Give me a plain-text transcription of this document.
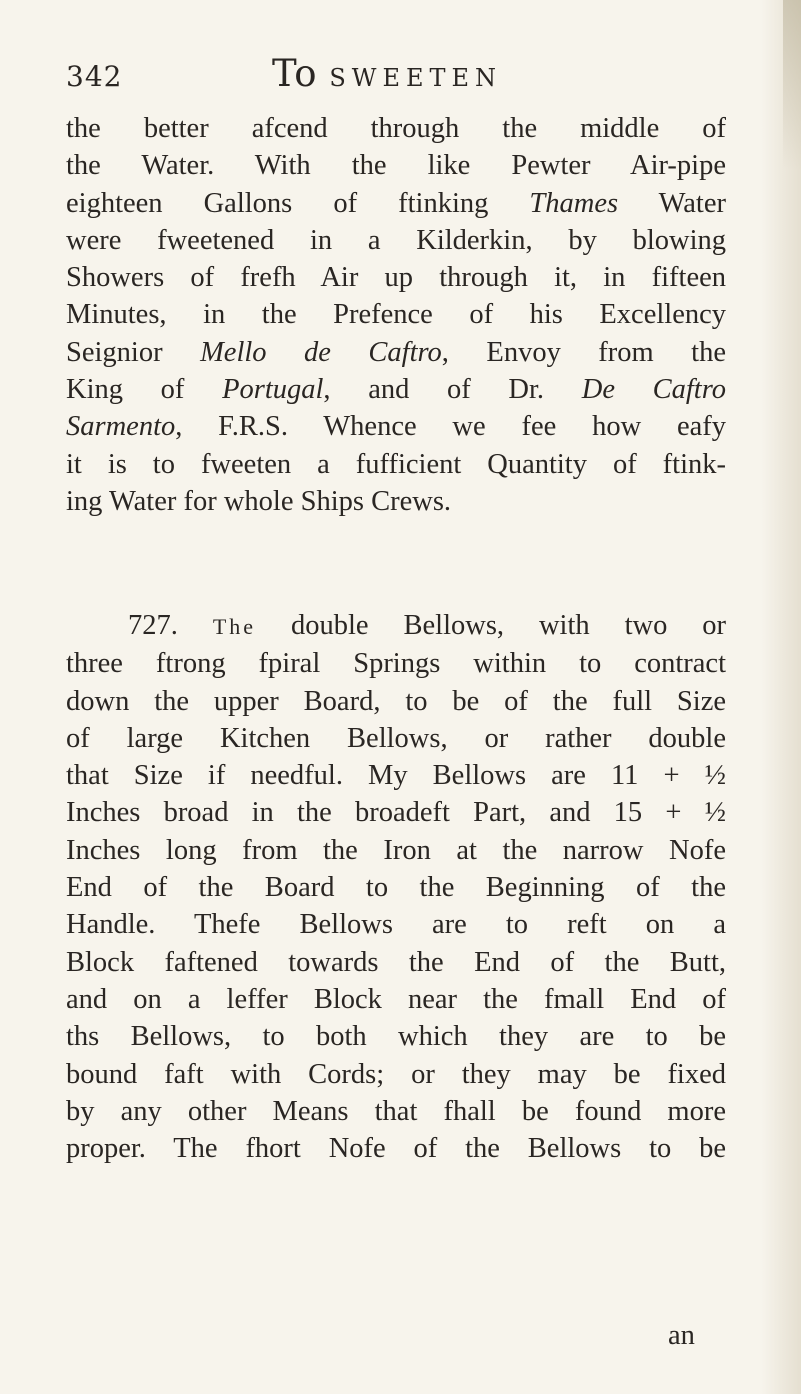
342	To SWEETEN
the better afcend through the middle of
the Water. With the like Pewter Air-pipe
eighteen Gallons of ftinking Thames Water
were fweetened in a Kilderkin, by blowing
Showers of frefh Air up through it, in fifteen
Minutes, in the Prefence of his Excellency
Seignior Mello de Caftro, Envoy from the
King of Portugal, and of Dr. De Caftro
Sarmento, F.R.S. Whence we fee how eafy
it is to fweeten a fufficient Quantity of ftink-
ing Water for whole Ships Crews.
727. The double Bellows, with two or
three ftrong fpiral Springs within to contract
down the upper Board, to be of the full Size
of large Kitchen Bellows, or rather double
that Size if needful. My Bellows are 11 + ½
Inches broad in the broadeft Part, and 15 + ½
Inches long from the Iron at the narrow Nofe
End of the Board to the Beginning of the
Handle. Thefe Bellows are to reft on a
Block faftened towards the End of the Butt,
and on a leffer Block near the fmall End of
ths Bellows, to both which they are to be
bound faft with Cords; or they may be fixed
by any other Means that fhall be found more
proper. The fhort Nofe of the Bellows to be
an
